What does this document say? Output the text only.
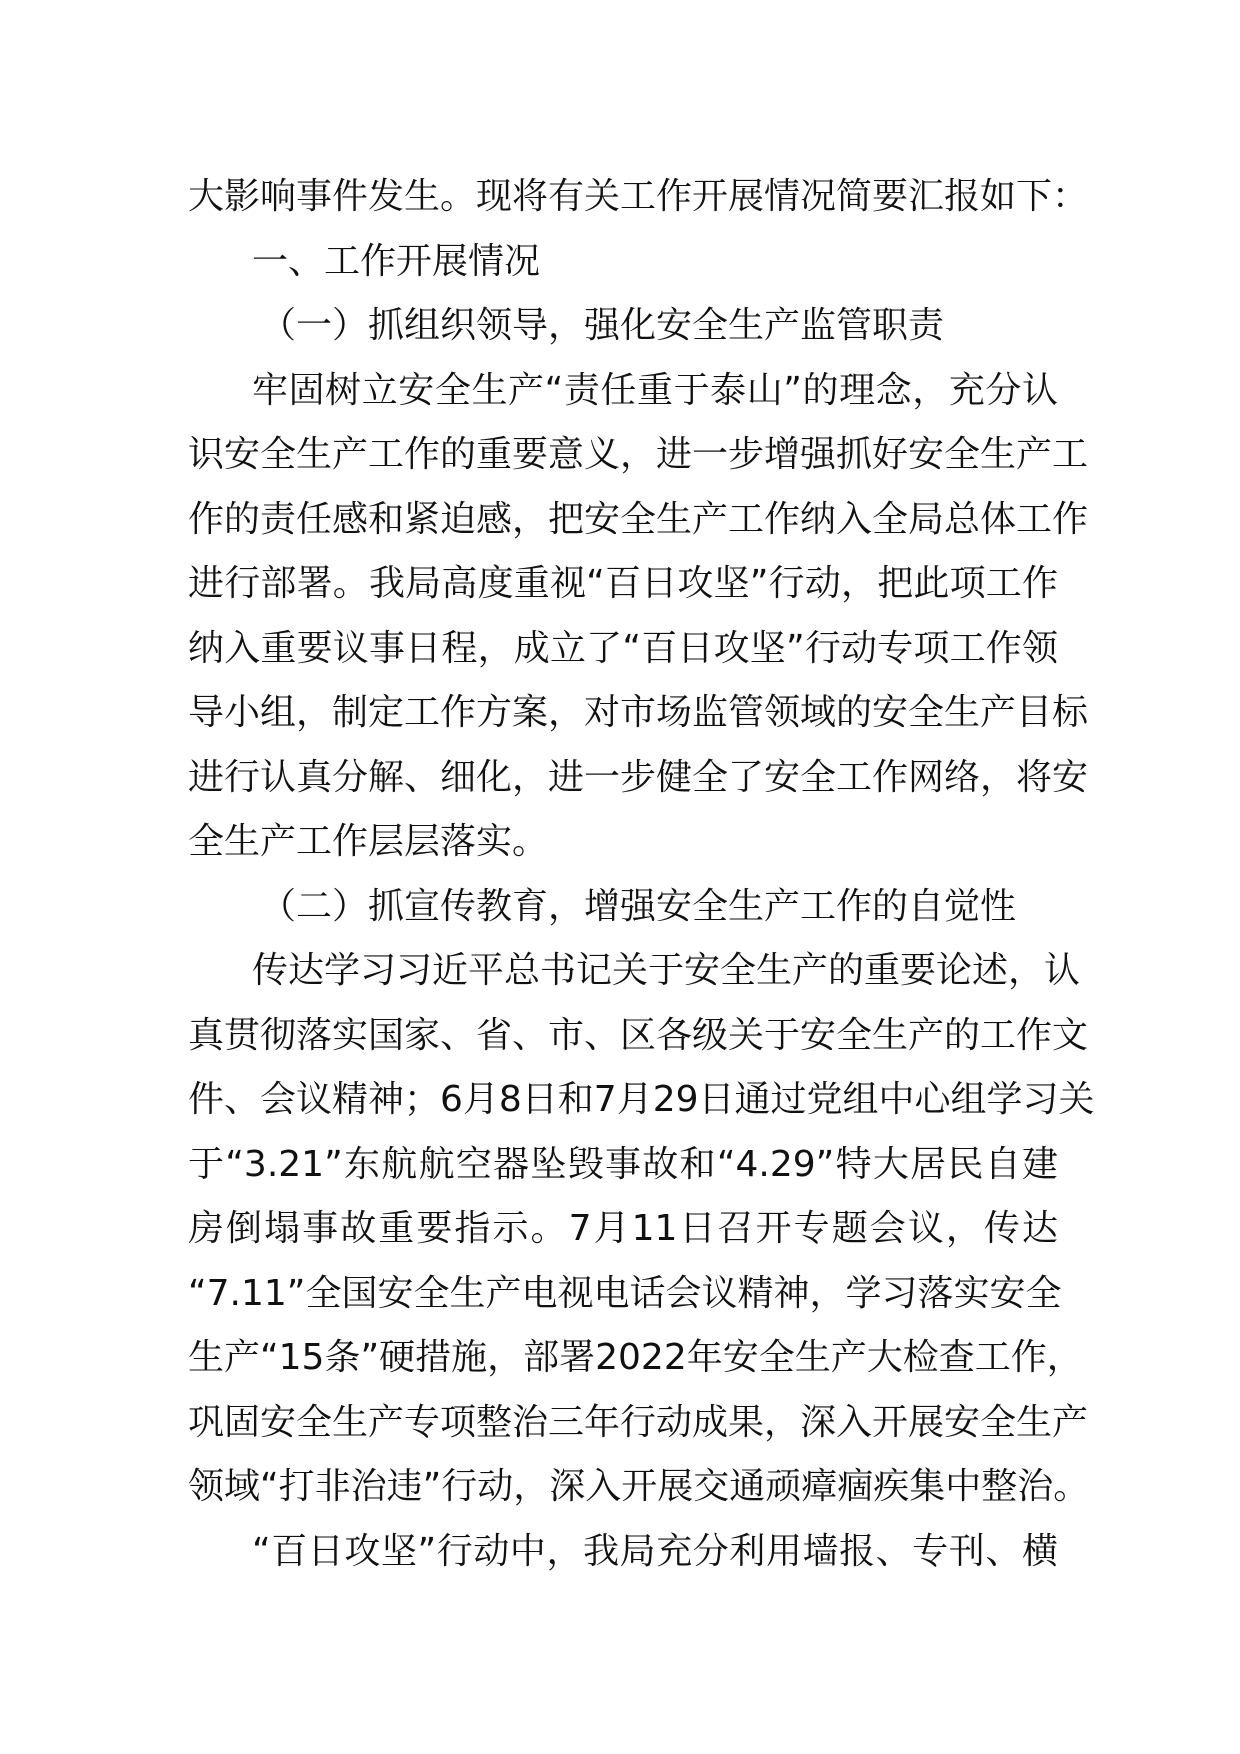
大影响事件发生。现将有关工作开展情况简要汇报如下：
一、工作开展情况
（一）抓组织领导，强化安全生产监管职责
牢固树立安全生产“责任重于泰山”的理念，充分认
识安全生产工作的重要意义，进一步增强抓好安全生产工
作的责任感和紧迫感，把安全生产工作纳入全局总体工作
进行部署。我局高度重视“百日攻坚”行动，把此项工作
纳入重要议事日程，成立了“百日攻坚”行动专项工作领
导小组，制定工作方案，对市场监管领域的安全生产目标
进行认真分解、细化，进一步健全了安全工作网络，将安
全生产工作层层落实。
（二）抓宣传教育，增强安全生产工作的自觉性
传达学习习近平总书记关于安全生产的重要论述，认
真贯彻落实国家、省、市、区各级关于安全生产的工作文
件、会议精神；6月8日和7月29日通过党组中心组学习关
于“3.21”东航航空器坠毁事故和“4.29”特大居民自建
房倒塌事故重要指示。7月11日召开专题会议，传达
“7.11”全国安全生产电视电话会议精神，学习落实安全
生产“15条”硬措施，部署2022年安全生产大检查工作，
巩固安全生产专项整治三年行动成果，深入开展安全生产
领域“打非治违”行动，深入开展交通顽瘴痼疾集中整治。
“百日攻坚”行动中，我局充分利用墙报、专刊、横
